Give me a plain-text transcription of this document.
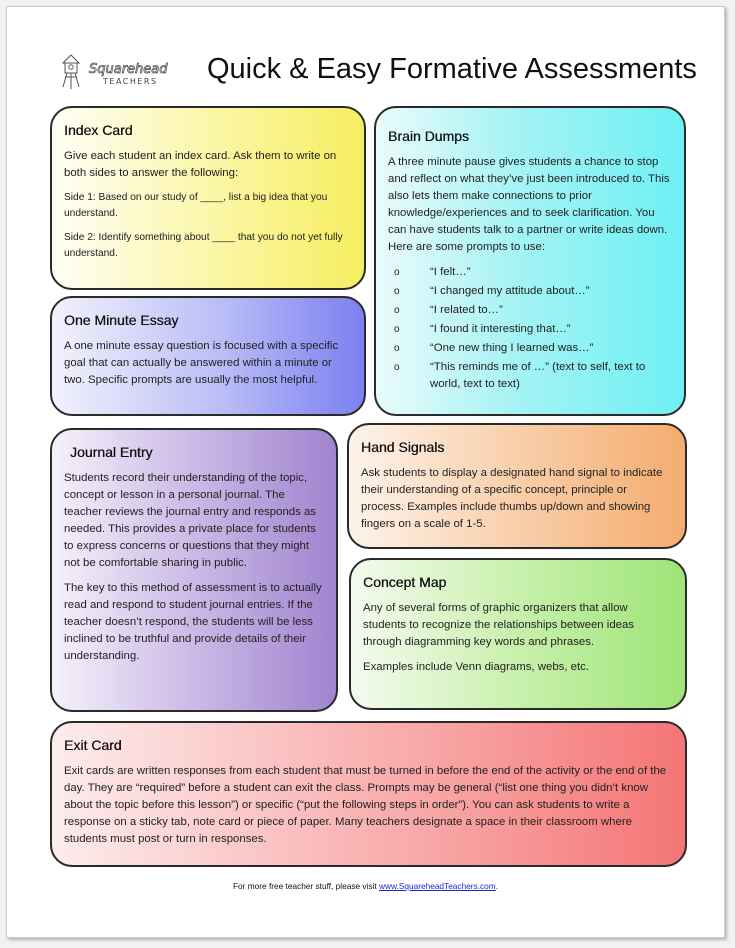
Squarehead
TEACHERS Quick & Easy Formative Assessments
Index Card

Give each student an index card. Ask them to write on both sides to answer the following:

Side 1: Based on our study of ____, list a big idea that you understand.

Side 2: Identify something about ____ that you do not yet fully understand.

One Minute Essay

A one minute essay question is focused with a specific goal that can actually be answered within a minute or two. Specific prompts are usually the most helpful.

Brain Dumps

A three minute pause gives students a chance to stop and reflect on what they’ve just been introduced to. This also lets them make connections to prior knowledge/experiences and to seek clarification. You can have students talk to a partner or write ideas down. Here are some prompts to use:

o	“I felt…”
o	“I changed my attitude about…”
o	“I related to…”
o	“I found it interesting that…”
o	“One new thing I learned was…”
o	“This reminds me of …” (text to self, text to world, text to text)
Journal Entry

Students record their understanding of the topic, concept or lesson in a personal journal. The teacher reviews the journal entry and responds as needed. This provides a private place for students to express concerns or questions that they might not be comfortable sharing in public.

The key to this method of assessment is to actually read and respond to student journal entries. If the teacher doesn’t respond, the students will be less inclined to be truthful and provide details of their understanding.

Hand Signals

Ask students to display a designated hand signal to indicate their understanding of a specific concept, principle or process. Examples include thumbs up/down and showing fingers on a scale of 1-5.

Concept Map

Any of several forms of graphic organizers that allow students to recognize the relationships between ideas through diagramming key words and phrases.

Examples include Venn diagrams, webs, etc.

Exit Card

Exit cards are written responses from each student that must be turned in before the end of the activity or the end of the day. They are “required” before a student can exit the class. Prompts may be general (“list one thing you didn’t know about the topic before this lesson”) or specific (“put the following steps in order”). You can ask students to write a response on a sticky tab, note card or piece of paper. Many teachers designate a space in their classroom where students must post or turn in responses.

For more free teacher stuff, please visit www.SquareheadTeachers.com.
